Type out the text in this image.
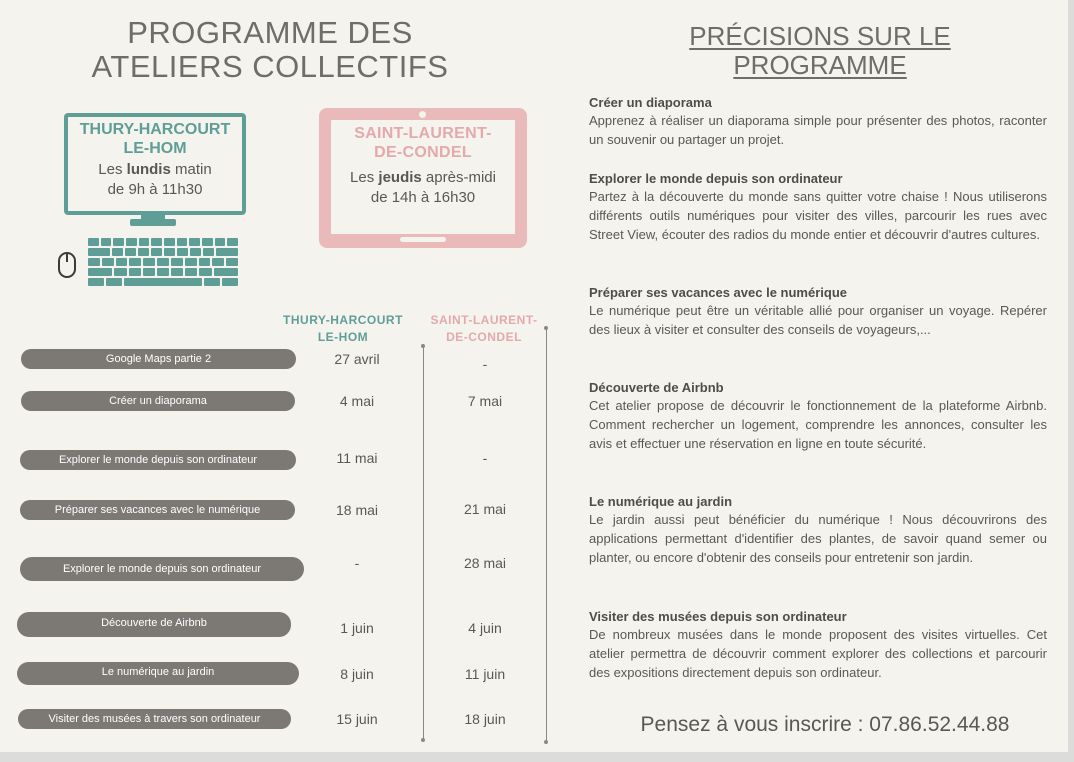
PROGRAMME DES
ATELIERS COLLECTIFS
THURY-HARCOURT
LE-HOM
Les lundis matin
de 9h à 11h30
SAINT-LAURENT-
DE-CONDEL
Les jeudis après-midi
de 14h à 16h30
THURY-HARCOURT
LE-HOM
SAINT-LAURENT-
DE-CONDEL
Google Maps partie 2	27 avril	-
Créer un diaporama	4 mai	7 mai
Explorer le monde depuis son ordinateur	11 mai	-
Préparer ses vacances avec le numérique	18 mai	21 mai
Explorer le monde depuis son ordinateur	-	28 mai
Découverte de Airbnb	1 juin	4 juin
Le numérique au jardin	8 juin	11 juin
Visiter des musées à travers son ordinateur	15 juin	18 juin
PRÉCISIONS SUR LE
PROGRAMME
Créer un diaporama

Apprenez à réaliser un diaporama simple pour présenter des photos, raconter un souvenir ou partager un projet.

Explorer le monde depuis son ordinateur

Partez à la découverte du monde sans quitter votre chaise ! Nous utiliserons différents outils numériques pour visiter des villes, parcourir les rues avec Street View, écouter des radios du monde entier et découvrir d'autres cultures.

Préparer ses vacances avec le numérique

Le numérique peut être un véritable allié pour organiser un voyage. Repérer des lieux à visiter et consulter des conseils de voyageurs,...

Découverte de Airbnb

Cet atelier propose de découvrir le fonctionnement de la plateforme Airbnb. Comment rechercher un logement, comprendre les annonces, consulter les avis et effectuer une réservation en ligne en toute sécurité.

Le numérique au jardin

Le jardin aussi peut bénéficier du numérique ! Nous découvrirons des applications permettant d'identifier des plantes, de savoir quand semer ou planter, ou encore d'obtenir des conseils pour entretenir son jardin.

Visiter des musées depuis son ordinateur

De nombreux musées dans le monde proposent des visites virtuelles. Cet atelier permettra de découvrir comment explorer des collections et parcourir des expositions directement depuis son ordinateur.

Pensez à vous inscrire : 07.86.52.44.88
